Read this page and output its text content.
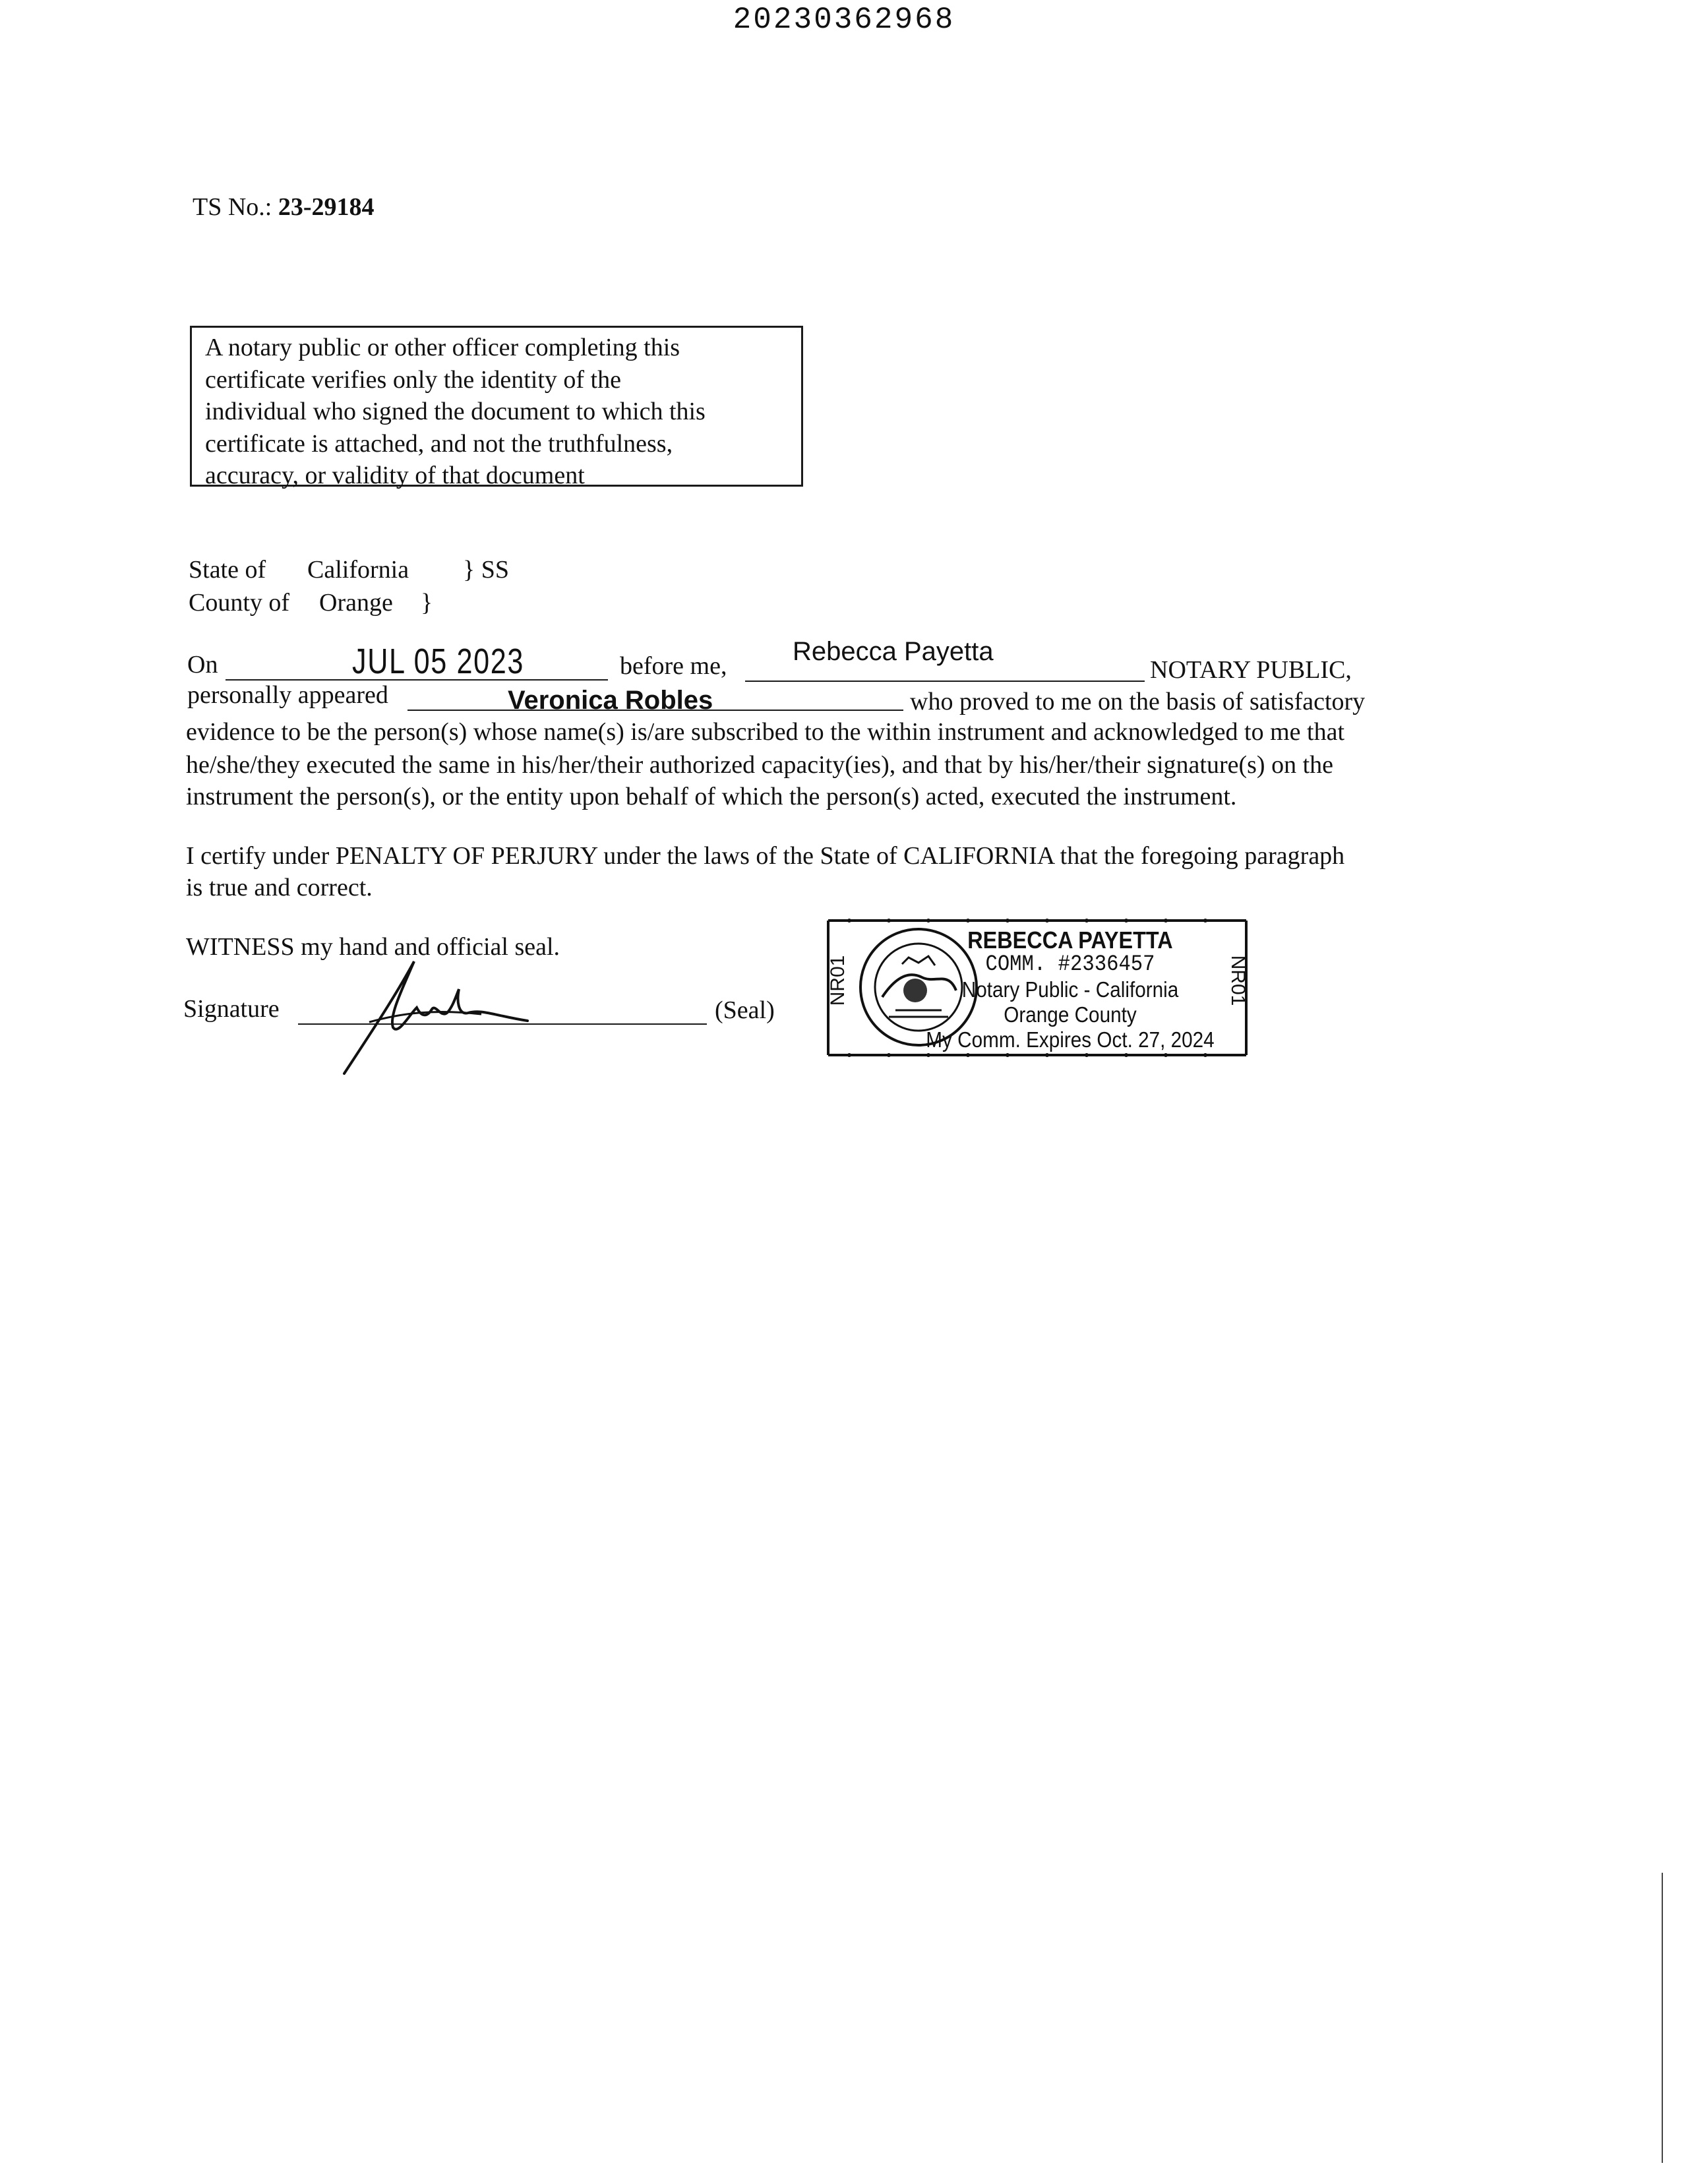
20230362968
TS No.: 23-29184
A notary public or other officer completing this
certificate verifies only the identity of the
individual who signed the document to which this
certificate is attached, and not the truthfulness,
accuracy, or validity of that document
State of California } SS
County of Orange }
On	JUL 05 2023	before me, Rebecca Payetta
NOTARY PUBLIC,
personally appeared	Veronica Robles	who proved to me on the basis of satisfactory
evidence to be the person(s) whose name(s) is/are subscribed to the within instrument and acknowledged to me that
he/she/they executed the same in his/her/their authorized capacity(ies), and that by his/her/their signature(s) on the
instrument the person(s), or the entity upon behalf of which the person(s) acted, executed the instrument.
I certify under PENALTY OF PERJURY under the laws of the State of CALIFORNIA that the foregoing paragraph
is true and correct.
WITNESS my hand and official seal.
Signature	(Seal)
NR01	NR01
REBECCA PAYETTA
COMM. #2336457
Notary Public - California
Orange County
My Comm. Expires Oct. 27, 2024
